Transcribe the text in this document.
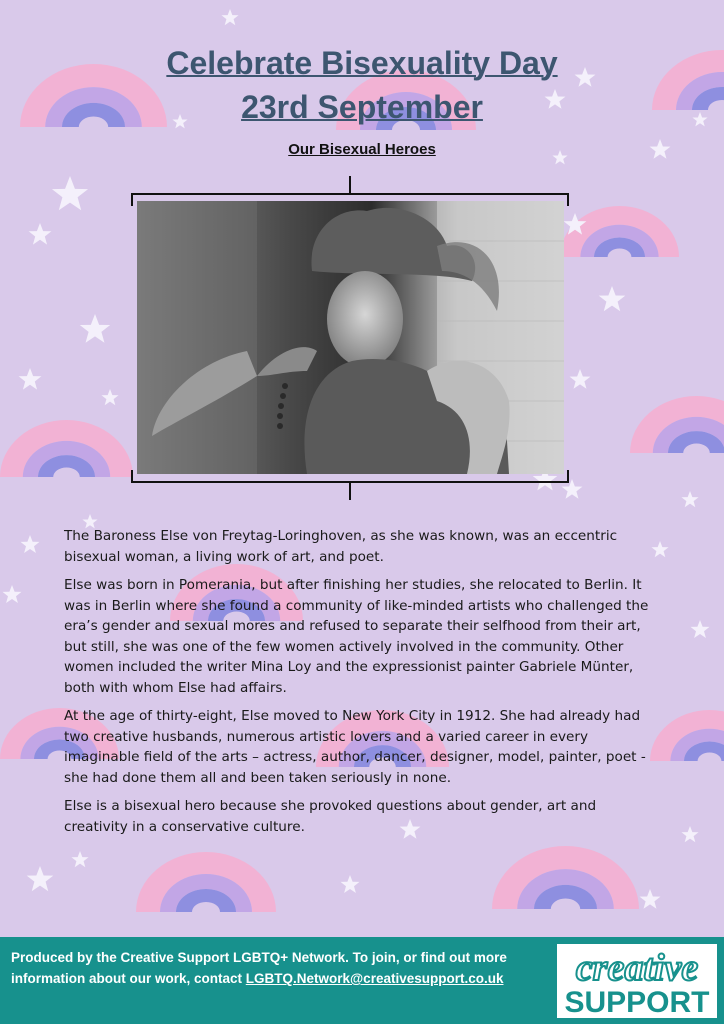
Celebrate Bisexuality Day
23rd September
Our Bisexual Heroes

The Baroness Else von Freytag-Loringhoven, as she was known, was an eccentric bisexual woman, a living work of art, and poet.

Else was born in Pomerania, but after finishing her studies, she relocated to Berlin. It was in Berlin where she found a community of like-minded artists who challenged the era’s gender and sexual mores and refused to separate their selfhood from their art, but still, she was one of the few women actively involved in the community. Other women included the writer Mina Loy and the expressionist painter Gabriele Münter, both with whom Else had affairs.

At the age of thirty-eight, Else moved to New York City in 1912. She had already had two creative husbands, numerous artistic lovers and a varied career in every imaginable field of the arts – actress, author, dancer, designer, model, painter, poet - she had done them all and been taken seriously in none.

Else is a bisexual hero because she provoked questions about gender, art and creativity in a conservative culture.

Produced by the Creative Support LGBTQ+ Network. To join, or find out more information about our work, contact LGBTQ.Network@creativesupport.co.uk	creative
SUPPORT
